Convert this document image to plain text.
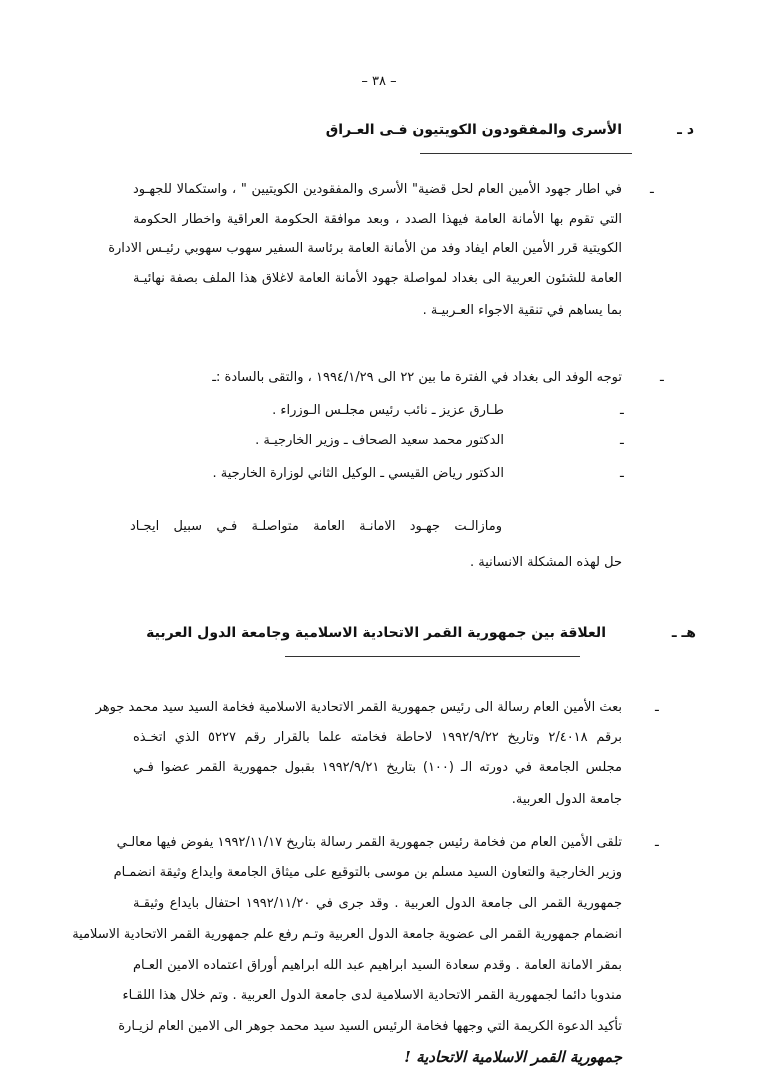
– ٣٨ –
د ـ
الأسرى والمفقودون الكويتيون فـى العـراق
ـ
في اطار جهود الأمين العام لحل قضية" الأسرى والمفقودين الكويتيين " ، واستكمالا للجهـود
التي تقوم بها الأمانة العامة فيهذا الصدد ، وبعد موافقة الحكومة العراقية واخطار الحكومة
الكويتية قرر الأمين العام ايفاد وفد من الأمانة العامة برئاسة السفير سهوب سهوبي رئيـس الادارة
العامة للشئون العربية الى بغداد لمواصلة جهود الأمانة العامة لاغلاق هذا الملف بصفة نهائيـة
بما يساهم في تنقية الاجواء العـربيـة .
ـ
توجه الوفد الى بغداد في الفترة ما بين ٢٢ الى ١٩٩٤/١/٢٩ ، والتقى بالسادة :ـ
ـ
طـارق عزيز ـ نائب رئيس مجلـس الـوزراء .
ـ
الدكتور محمد سعيد الصحاف ـ وزير الخارجيـة .
ـ
الدكتور رياض القيسي ـ الوكيل الثاني لوزارة الخارجية .
ومازالـت جهـود الامانـة العامة متواصلـة فـي سبيل ايجـاد
حل لهذه المشكلة الانسانية .
هـ ـ
العلاقة بين جمهورية القمر الاتحادية الاسلامية وجامعة الدول العربية
ـ
بعث الأمين العام رسالة الى رئيس جمهورية القمر الاتحادية الاسلامية فخامة السيد سيد محمد جوهر
برقم ٢/٤٠١٨ وتاريخ ١٩٩٢/٩/٢٢ لاحاطة فخامته علما بالقرار رقم ٥٢٢٧ الذي اتخـذه
مجلس الجامعة في دورته الـ (١٠٠) بتاريخ ١٩٩٢/٩/٢١ بقبول جمهورية القمر عضوا فـي
جامعة الدول العربية.
ـ
تلقى الأمين العام من فخامة رئيس جمهورية القمر رسالة بتاريخ ١٩٩٢/١١/١٧ يفوض فيها معالـي
وزير الخارجية والتعاون السيد مسلم بن موسى بالتوقيع على ميثاق الجامعة وايداع وثيقة انضمـام
جمهورية القمر الى جامعة الدول العربية . وقد جرى في ١٩٩٢/١١/٢٠ احتفال بايداع وثيقـة
انضمام جمهورية القمر الى عضوية جامعة الدول العربية وتـم رفع علم جمهورية القمر الاتحادية الاسلامية
بمقر الامانة العامة . وقدم سعادة السيد ابراهيم عبد الله ابراهيم أوراق اعتماده الامين العـام
مندوبا دائما لجمهورية القمر الاتحادية الاسلامية لدى جامعة الدول العربية . وتم خلال هذا اللقـاء
تأكيد الدعوة الكريمة التي وجهها فخامة الرئيس السيد سيد محمد جوهر الى الامين العام لزيـارة
جمهورية القمر الاسلامية الاتحادية !
